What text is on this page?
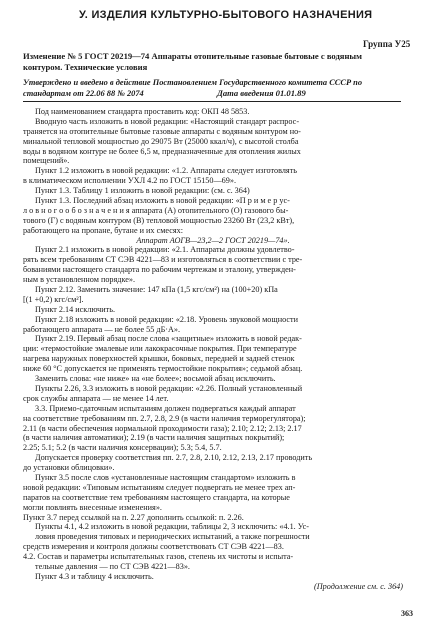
У. ИЗДЕЛИЯ КУЛЬТУРНО-БЫТОВОГО НАЗНАЧЕНИЯ
Группа У25
Изменение № 5 ГОСТ 20219—74 Аппараты отопительные газовые бытовые с водяным контуром. Технические условия
Утверждено и введено в действие Постановлением Государственного комитета СССР по стандартам от 22.06 88 № 2074	Дата введения 01.01.89
Под наименованием стандарта проставить код: ОКП 48 5853.
Вводную часть изложить в новой редакции: «Настоящий стандарт распрос-
траняется на отопительные бытовые газовые аппараты с водяным контуром но-
минальной тепловой мощностью до 29075 Вт (25000 ккал/ч), с высотой столба
воды в водяном контуре не более 6,5 м, предназначенные для отопления жилых
помещений».
Пункт 1.2 изложить в новой редакции: «1.2. Аппараты следует изготовлять
в климатическом исполнении УХЛ 4.2 по ГОСТ 15150—69».
Пункт 1.3. Таблицу 1 изложить в новой редакции: (см. с. 364)
Пункт 1.3. Последний абзац изложить в новой редакции: «П р и м е р ус-
л о в н о г о о б о з н а ч е н и я аппарата (А) отопительного (О) газового бы-
тового (Г) с водяным контуром (В) тепловой мощностью 23260 Вт (23,2 кВт),
работающего на пропане, бутане и их смесях:
Аппарат АОГВ—23,2—2 ГОСТ 20219—74».
Пункт 2.1 изложить в новой редакции: «2.1. Аппараты должны удовлетво-
рять всем требованиям СТ СЭВ 4221—83 и изготовляться в соответствии с тре-
бованиями настоящего стандарта по рабочим чертежам и эталону, утвержден-
ным в установленном порядке».
Пункт 2.12. Заменить значение: 147 кПа (1,5 кгс/см²) на (100+20) кПа
[(1 +0,2) кгс/см²].
Пункт 2.14 исключить.
Пункт 2.18 изложить в новой редакции: «2.18. Уровень звуковой мощности
работающего аппарата — не более 55 дБ·А».
Пункт 2.19. Первый абзац после слова «защитные» изложить в новой редак-
ции: «термостойкие эмалевые или лакокрасочные покрытия. При температуре
нагрева наружных поверхностей крышки, боковых, передней и задней стенок
ниже 60 °С допускается не применять термостойкие покрытия»; седьмой абзац.
Заменить слова: «не ниже» на «не более»; восьмой абзац исключить.
Пункты 2.26, 3.3 изложить в новой редакции: «2.26. Полный установленный
срок службы аппарата — не менее 14 лет.
3.3. Приемо-сдаточным испытаниям должен подвергаться каждый аппарат
на соответствие требованиям пп. 2.7, 2.8, 2.9 (в части наличия терморегулятора);
2.11 (в части обеспечения нормальной проходимости газа); 2.10; 2.12; 2.13; 2.17
(в части наличия автоматики); 2.19 (в части наличия защитных покрытий);
2.25; 5.1; 5.2 (в части наличия консервации); 5.3; 5.4, 5.7.
Допускается проверку соответствия пп. 2.7, 2.8, 2.10, 2.12, 2.13, 2.17 проводить
до установки облицовки».
Пункт 3.5 после слов «установленные настоящим стандартом» изложить в
новой редакции: «Типовым испытаниям следует подвергать не менее трех ап-
паратов на соответствие тем требованиям настоящего стандарта, на которые
могли повлиять внесенные изменения».
Пункт 3.7 перед ссылкой на п. 2.27 дополнить ссылкой: п. 2.26.
Пункты 4.1, 4.2 изложить в новой редакции, таблицы 2, 3 исключить: «4.1. Ус-
ловия проведения типовых и периодических испытаний, а также погрешности
средств измерения и контроля должны соответствовать СТ СЭВ 4221—83.
4.2. Состав и параметры испытательных газов, степень их чистоты и испыта-
тельные давления — по СТ СЭВ 4221—83».
Пункт 4.3 и таблицу 4 исключить.
(Продолжение см. с. 364)
363
